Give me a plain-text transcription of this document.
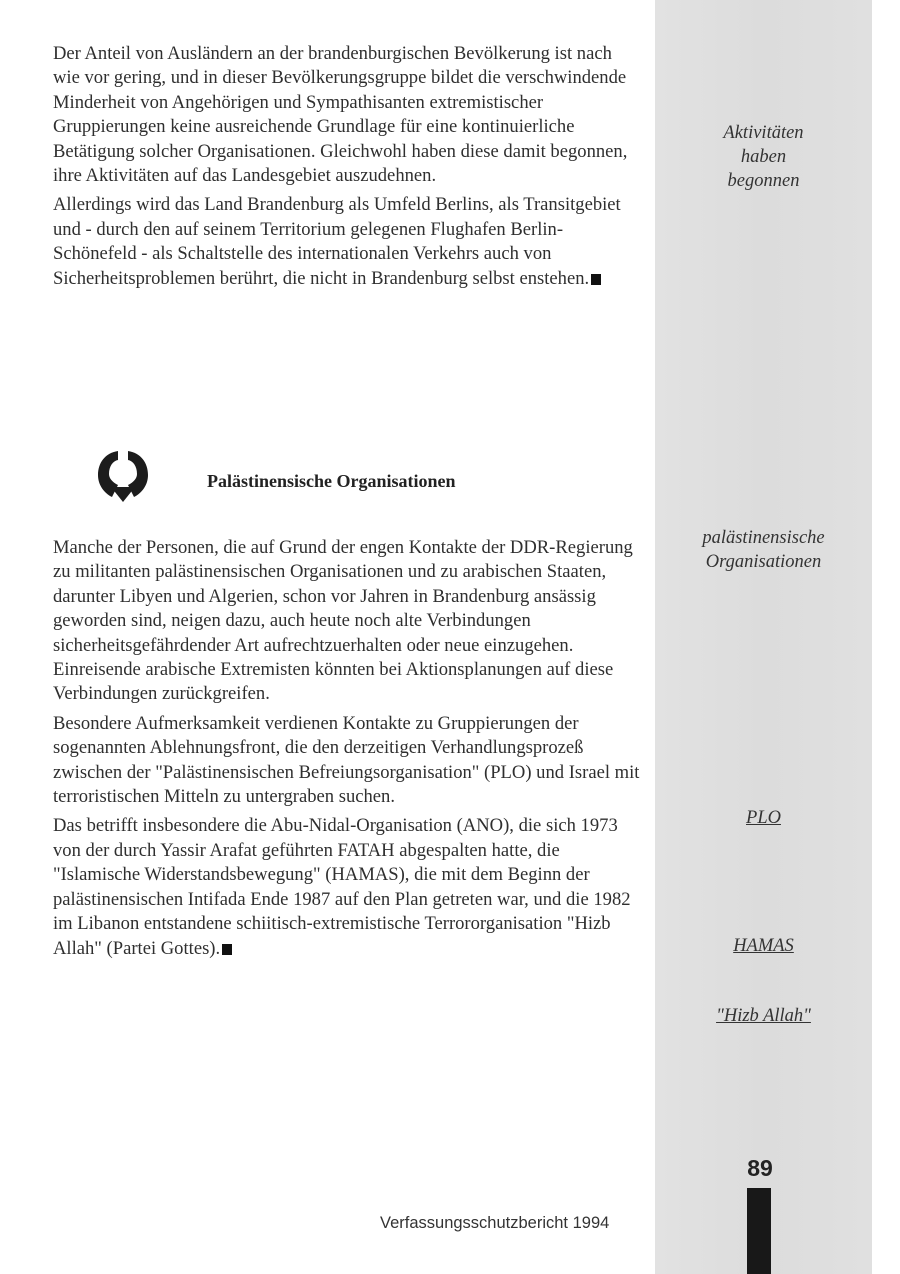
Der Anteil von Ausländern an der brandenburgischen Bevölkerung ist nach wie vor gering, und in dieser Bevölkerungsgruppe bildet die verschwindende Minderheit von Angehörigen und Sympathisanten extremistischer Gruppierungen keine ausreichende Grundlage für eine kontinuierliche Betätigung solcher Organisationen. Gleichwohl haben diese damit begonnen, ihre Aktivitäten auf das Landesgebiet auszudehnen.

Allerdings wird das Land Brandenburg als Umfeld Berlins, als Transitgebiet und - durch den auf seinem Territorium gelegenen Flughafen Berlin-Schönefeld - als Schaltstelle des internationalen Verkehrs auch von Sicherheitsproblemen berührt, die nicht in Brandenburg selbst enstehen.

Palästinensische Organisationen

Manche der Personen, die auf Grund der engen Kontakte der DDR-Regierung zu militanten palästinensischen Organisationen und zu arabischen Staaten, darunter Libyen und Algerien, schon vor Jahren in Brandenburg ansässig geworden sind, neigen dazu, auch heute noch alte Verbindungen sicherheitsgefährdender Art aufrechtzuerhalten oder neue einzugehen. Einreisende arabische Extremisten könnten bei Aktionsplanungen auf diese Verbindungen zurückgreifen.

Besondere Aufmerksamkeit verdienen Kontakte zu Gruppierungen der sogenannten Ablehnungsfront, die den derzeitigen Verhandlungsprozeß zwischen der "Palästinensischen Befreiungsorganisation" (PLO) und Israel mit terroristischen Mitteln zu untergraben suchen.

Das betrifft insbesondere die Abu-Nidal-Organisation (ANO), die sich 1973 von der durch Yassir Arafat geführten FATAH abgespalten hatte, die "Islamische Widerstandsbewegung" (HAMAS), die mit dem Beginn der palästinensischen Intifada Ende 1987 auf den Plan getreten war, und die 1982 im Libanon entstandene schiitisch-extremistische Terrororganisation "Hizb Allah" (Partei Gottes).

Aktivitäten haben begonnen
palästinensische Organisationen
PLO
HAMAS
"Hizb Allah"
89
Verfassungsschutzbericht 1994
